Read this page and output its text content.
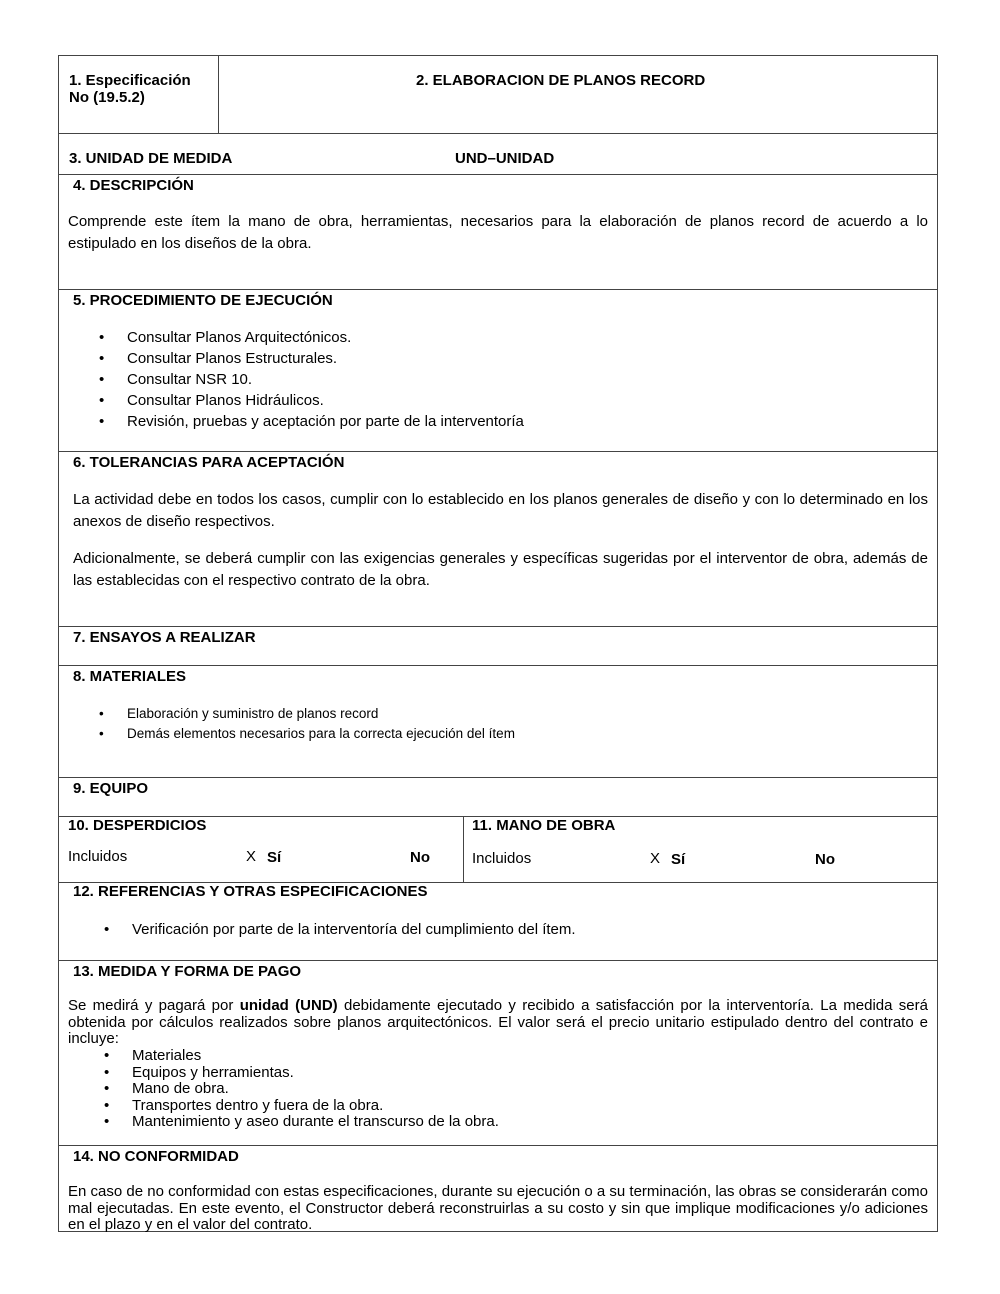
1. Especificación
No (19.5.2)
2. ELABORACION DE PLANOS RECORD
3. UNIDAD DE MEDIDA	UND–UNIDAD
4. DESCRIPCIÓN
Comprende este ítem la mano de obra, herramientas, necesarios para la elaboración de planos record de acuerdo a lo estipulado en los diseños de la obra.
5. PROCEDIMIENTO DE EJECUCIÓN
• Consultar Planos Arquitectónicos.
• Consultar Planos Estructurales.
• Consultar NSR 10.
• Consultar Planos Hidráulicos.
• Revisión, pruebas y aceptación por parte de la interventoría
6. TOLERANCIAS PARA ACEPTACIÓN
La actividad debe en todos los casos, cumplir con lo establecido en los planos generales de diseño y con lo determinado en los anexos de diseño respectivos.
Adicionalmente, se deberá cumplir con las exigencias generales y específicas sugeridas por el interventor de obra, además de las establecidas con el respectivo contrato de la obra.
7. ENSAYOS A REALIZAR
8. MATERIALES
• Elaboración y suministro de planos record
• Demás elementos necesarios para la correcta ejecución del ítem
9. EQUIPO
10. DESPERDICIOS
Incluidos	X Sí	No
11. MANO DE OBRA
Incluidos	X Sí	No
12. REFERENCIAS Y OTRAS ESPECIFICACIONES
• Verificación por parte de la interventoría del cumplimiento del ítem.
13. MEDIDA Y FORMA DE PAGO
Se medirá y pagará por unidad (UND) debidamente ejecutado y recibido a satisfacción por la interventoría. La medida será obtenida por cálculos realizados sobre planos arquitectónicos. El valor será el precio unitario estipulado dentro del contrato e incluye:
• Materiales
• Equipos y herramientas.
• Mano de obra.
• Transportes dentro y fuera de la obra.
• Mantenimiento y aseo durante el transcurso de la obra.
14. NO CONFORMIDAD
En caso de no conformidad con estas especificaciones, durante su ejecución o a su terminación, las obras se considerarán como mal ejecutadas. En este evento, el Constructor deberá reconstruirlas a su costo y sin que implique modificaciones y/o adiciones en el plazo y en el valor del contrato.
